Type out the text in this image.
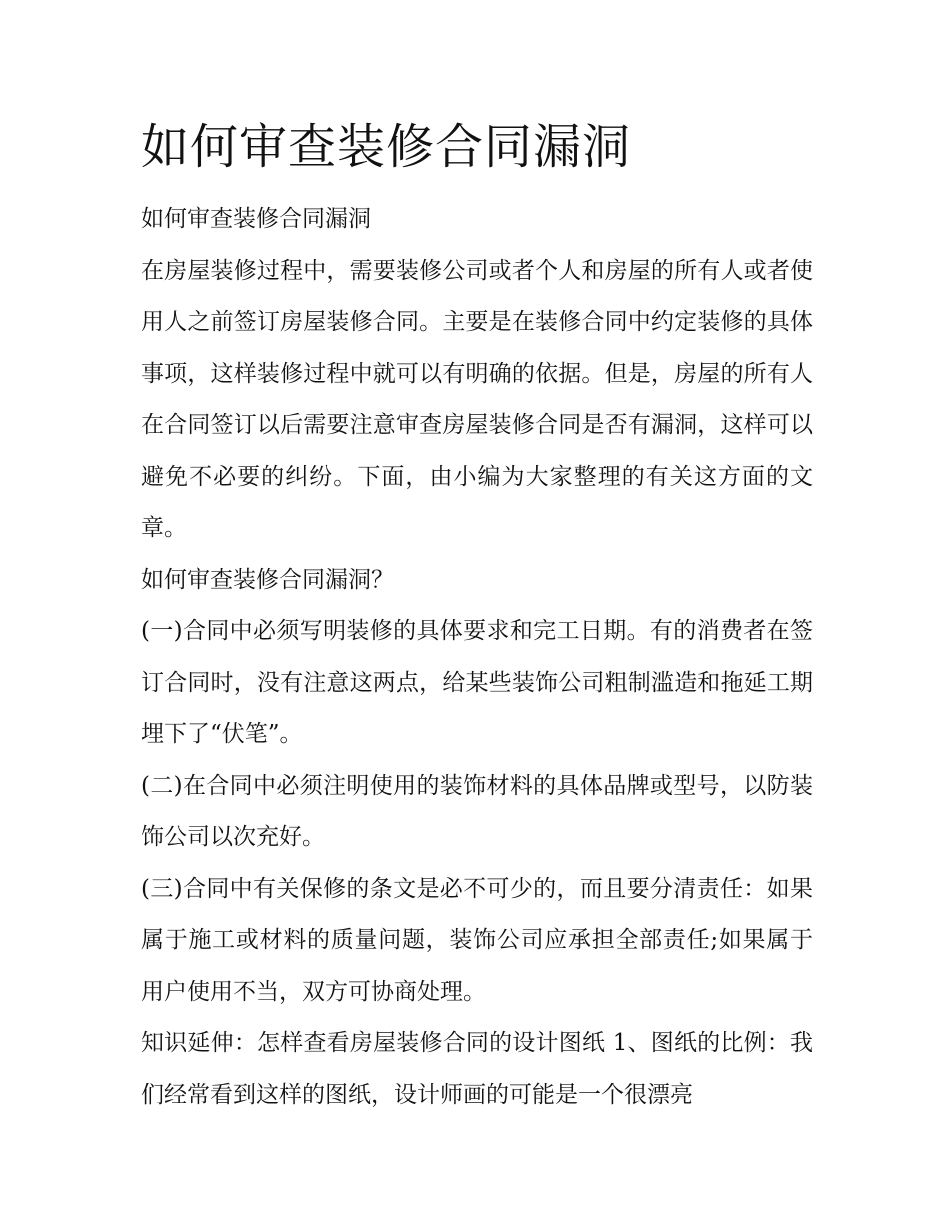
如何审查装修合同漏洞

如何审查装修合同漏洞

在房屋装修过程中，需要装修公司或者个人和房屋的所有人或者使用人之前签订房屋装修合同。主要是在装修合同中约定装修的具体事项，这样装修过程中就可以有明确的依据。但是，房屋的所有人在合同签订以后需要注意审查房屋装修合同是否有漏洞，这样可以避免不必要的纠纷。下面，由小编为大家整理的有关这方面的文章。

如何审查装修合同漏洞？

(一)合同中必须写明装修的具体要求和完工日期。有的消费者在签订合同时，没有注意这两点，给某些装饰公司粗制滥造和拖延工期埋下了“伏笔”。

(二)在合同中必须注明使用的装饰材料的具体品牌或型号，以防装饰公司以次充好。

(三)合同中有关保修的条文是必不可少的，而且要分清责任：如果属于施工或材料的质量问题，装饰公司应承担全部责任;如果属于用户使用不当，双方可协商处理。

知识延伸：怎样查看房屋装修合同的设计图纸 1、图纸的比例：我们经常看到这样的图纸，设计师画的可能是一个很漂亮
